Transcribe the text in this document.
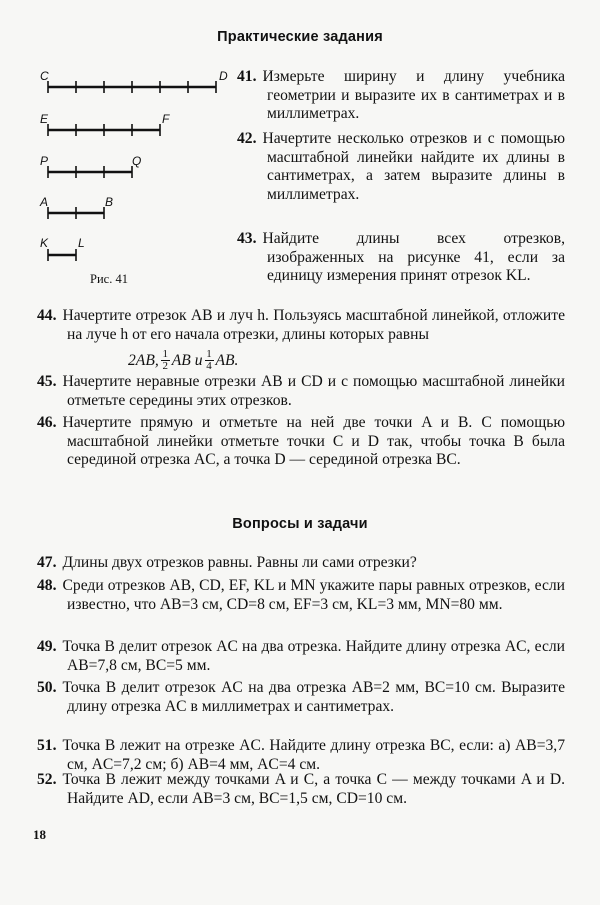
Практические задания
C	D
E	F
P	Q
A	B
K L
Рис. 41

41. Измерьте ширину и длину учебника геометрии и выразите их в сантиметрах и в миллиметрах.

42. Начертите несколько отрезков и с помощью масштабной линейки найдите их длины в сантиметрах, а затем выразите длины в миллиметрах.

43. Найдите длины всех отрезков, изображенных на рисунке 41, если за единицу измерения принят отрезок KL.

44. Начертите отрезок AB и луч h. Пользуясь масштабной линейкой, отложите на луче h от его начала отрезки, длины которых равны

2AB, $\frac{1}{2}$ AB и $\frac{1}{4}$ AB.

45. Начертите неравные отрезки AB и CD и с помощью масштабной линейки отметьте середины этих отрезков.

46. Начертите прямую и отметьте на ней две точки A и B. С помощью масштабной линейки отметьте точки C и D так, чтобы точка B была серединой отрезка AC, а точка D — серединой отрезка BC.

Вопросы и задачи

47. Длины двух отрезков равны. Равны ли сами отрезки?

48. Среди отрезков AB, CD, EF, KL и MN укажите пары равных отрезков, если известно, что AB=3 см, CD=8 см, EF=3 см, KL=3 мм, MN=80 мм.

49. Точка B делит отрезок AC на два отрезка. Найдите длину отрезка AC, если AB=7,8 см, BC=5 мм.

50. Точка B делит отрезок AC на два отрезка AB=2 мм, BC=10 см. Выразите длину отрезка AC в миллиметрах и сантиметрах.

51. Точка B лежит на отрезке AC. Найдите длину отрезка BC, если: а) AB=3,7 см, AC=7,2 см; б) AB=4 мм, AC=4 см.

52. Точка B лежит между точками A и C, а точка C — между точками A и D. Найдите AD, если AB=3 см, BC=1,5 см, CD=10 см.

18
